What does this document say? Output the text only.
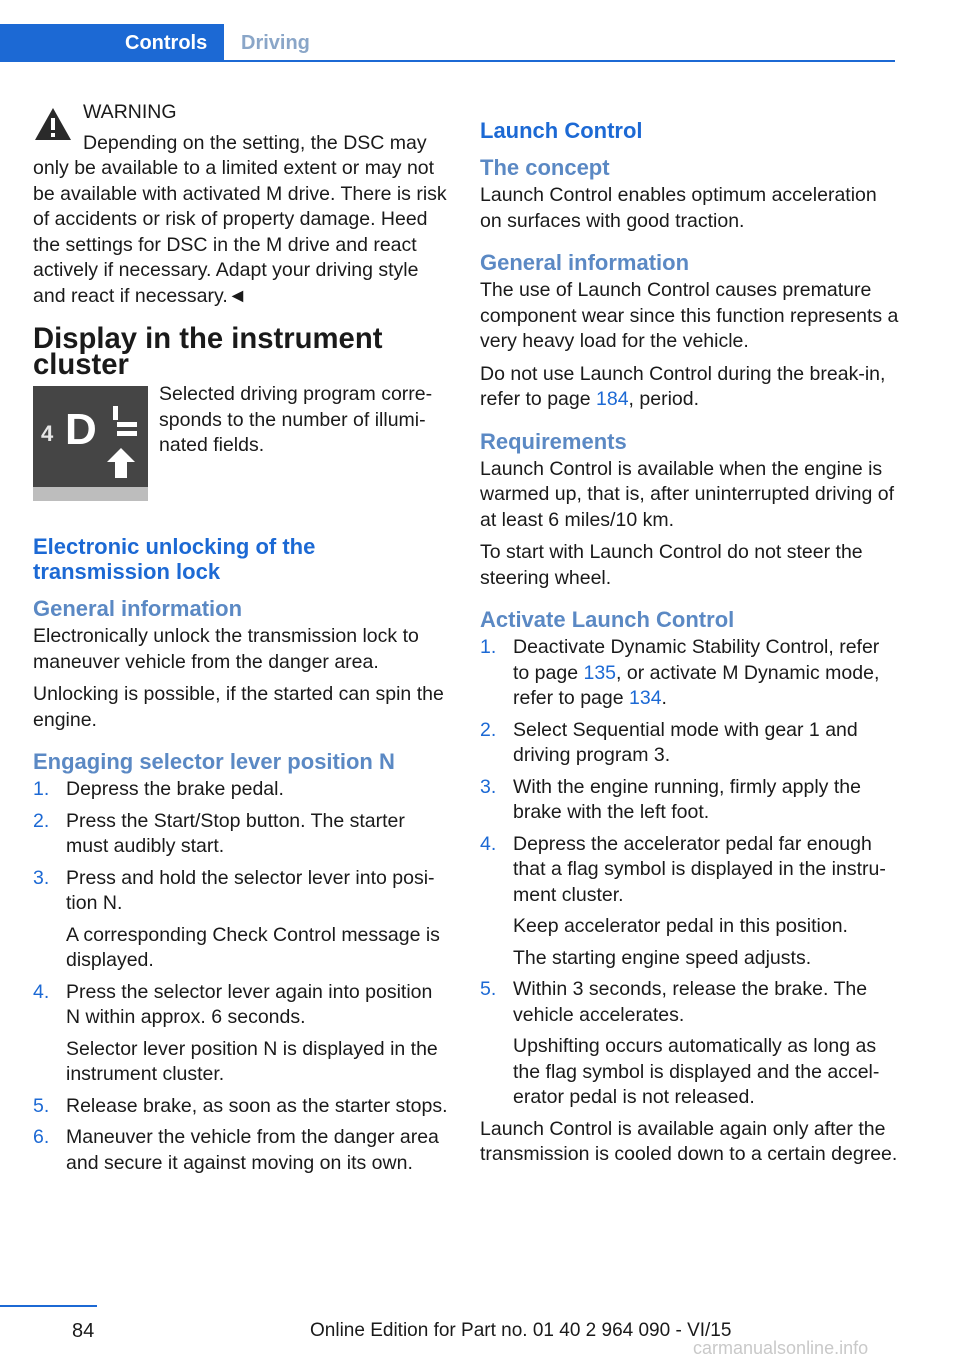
Controls	Driving
WARNING

Depending on the setting, the DSC may only be available to a limited extent or may not be available with activated M drive. There is risk of accidents or risk of property damage. Heed the settings for DSC in the M drive and react actively if necessary. Adapt your driving style and react if necessary.◄

Display in the instrument cluster
4 D

Selected driving program corresponds to the number of illuminated fields.

Electronic unlocking of the transmission lock
General information

Electronically unlock the transmission lock to maneuver vehicle from the danger area.

Unlocking is possible, if the started can spin the engine.

Engaging selector lever position N
1. Depress the brake pedal.
2. Press the Start/Stop button. The starter must audibly start.
3. Press and hold the selector lever into position N.
A corresponding Check Control message is displayed.
4. Press the selector lever again into position N within approx. 6 seconds.
Selector lever position N is displayed in the instrument cluster.
5. Release brake, as soon as the starter stops.
6. Maneuver the vehicle from the danger area and secure it against moving on its own.
Launch Control
The concept

Launch Control enables optimum acceleration on surfaces with good traction.

General information

The use of Launch Control causes premature component wear since this function represents a very heavy load for the vehicle.

Do not use Launch Control during the break-in, refer to page 184, period.

Requirements

Launch Control is available when the engine is warmed up, that is, after uninterrupted driving of at least 6 miles/10 km.

To start with Launch Control do not steer the steering wheel.

Activate Launch Control
1. Deactivate Dynamic Stability Control, refer to page 135, or activate M Dynamic mode, refer to page 134.
2. Select Sequential mode with gear 1 and driving program 3.
3. With the engine running, firmly apply the brake with the left foot.
4. Depress the accelerator pedal far enough that a flag symbol is displayed in the instrument cluster.
Keep accelerator pedal in this position.
The starting engine speed adjusts.
5. Within 3 seconds, release the brake. The vehicle accelerates.
Upshifting occurs automatically as long as the flag symbol is displayed and the accelerator pedal is not released.

Launch Control is available again only after the transmission is cooled down to a certain degree.

84	Online Edition for Part no. 01 40 2 964 090 - VI/15
carmanualsonline.info
